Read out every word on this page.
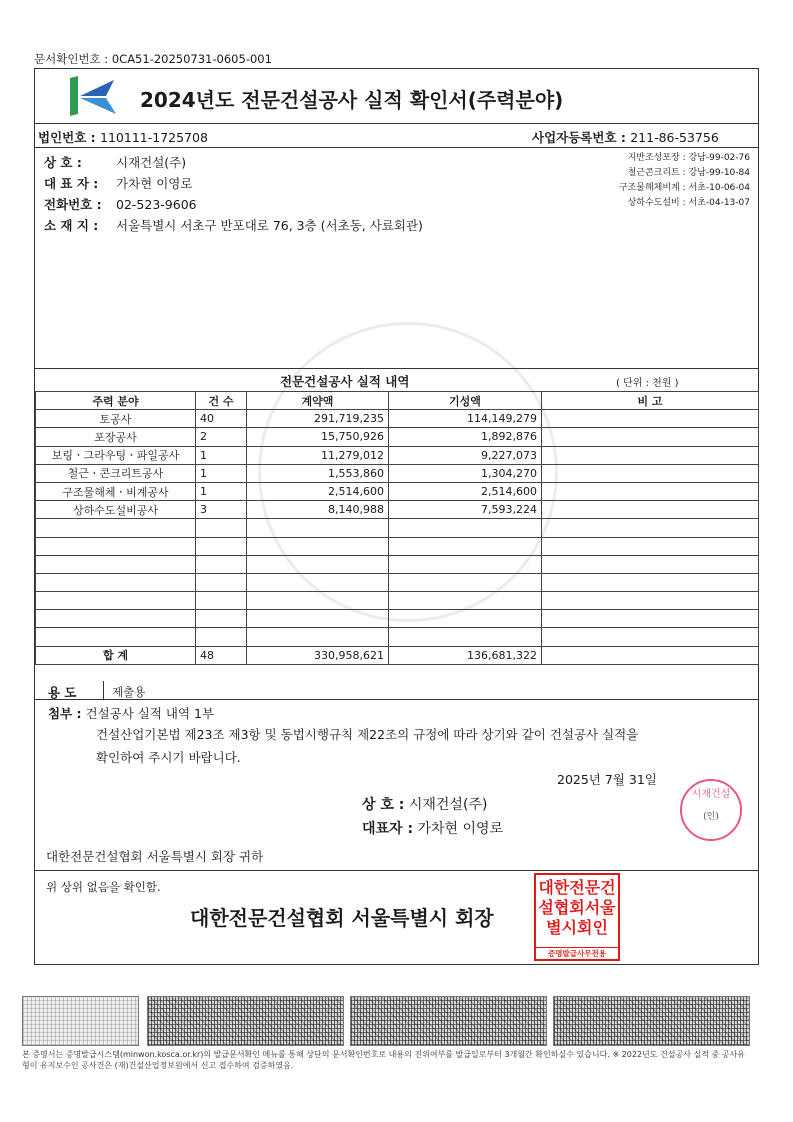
문서확인번호 : 0CA51-20250731-0605-001
2024년도 전문건설공사 실적 확인서(주력분야)
법인번호 : 110111-1725708	사업자등록번호 : 211-86-53756
상 호 :	시재건설(주)
대 표 자 : 가차현 이영로
전화번호 : 02-523-9606
소 재 지 : 서울특별시 서초구 반포대로 76, 3층 (서초동, 사료회관)
지반조성포장 : 강남-99-02-76
철근콘크리트 : 강남-99-10-84
구조물해체비계 : 서초-10-06-04
상하수도설비 : 서초-04-13-07
전문건설공사 실적 내역	( 단위 : 천원 )
주력 분야	건 수	계약액	기성액	비 고
토공사	40	291,719,235	114,149,279	
포장공사	2	15,750,926	1,892,876	
보링ㆍ그라우팅ㆍ파일공사	1	11,279,012	9,227,073	
철근ㆍ콘크리트공사	1	1,553,860	1,304,270	
구조물해체ㆍ비계공사	1	2,514,600	2,514,600	
상하수도설비공사	3	8,140,988	7,593,224	

합 계	48	330,958,621	136,681,322	
용 도	제출용
첨부 : 건설공사 실적 내역 1부
건설산업기본법 제23조 제3항 및 동법시행규칙 제22조의 규정에 따라 상기와 같이 건설공사 실적을
확인하여 주시기 바랍니다.
2025년 7월 31일
상 호 : 시재건설(주)
대표자 : 가차현 이영로
시재건설
(인)
대한전문건설협회 서울특별시 회장 귀하
위 상위 없음을 확인함.
대한전문건설협회 서울특별시 회장
대한전문건
설협회서울
별시회인
증명발급사무전용
본 증명서는 증명발급시스템(minwon.kosca.or.kr)의 발급문서확인 메뉴를 통해 상단의 문서확인번호로 내용의 진위여부를 발급일로부터 3개월간 확인하실수 있습니다. ※ 2022년도 건설공사 실적 중 공사유형이 유지보수인 공사건은 (재)건설산업정보원에서 신고 접수하여 검증하였음.
